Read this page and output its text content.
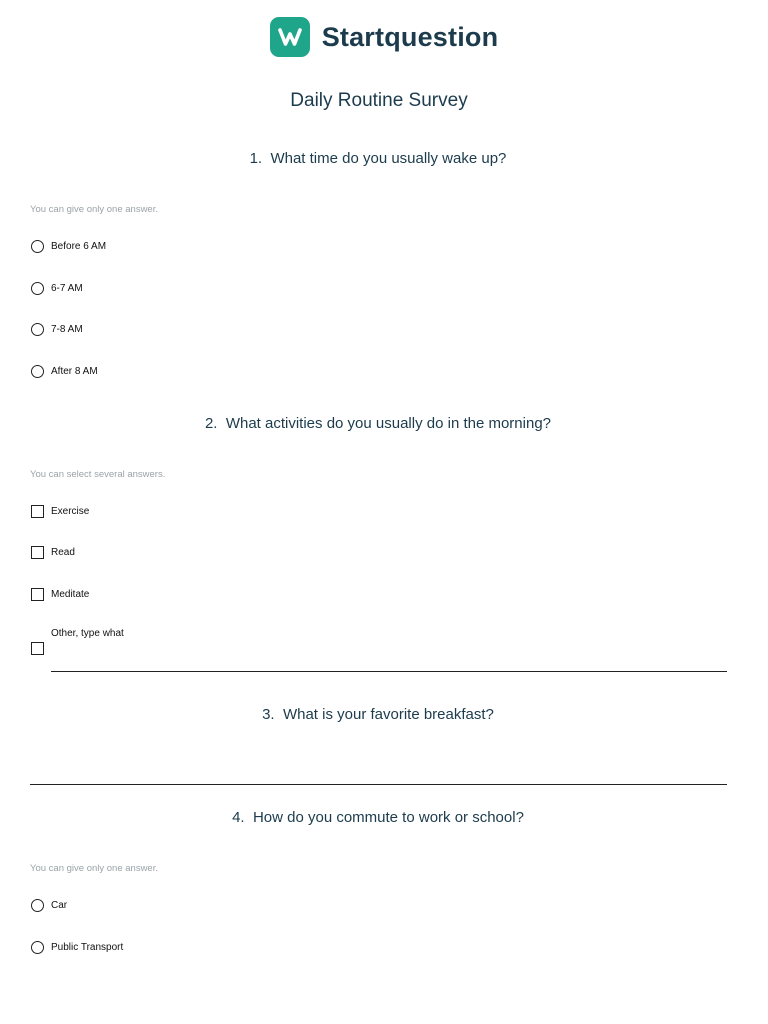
Startquestion
Daily Routine Survey
1. What time do you usually wake up?
You can give only one answer.
Before 6 AM
6-7 AM
7-8 AM
After 8 AM
2. What activities do you usually do in the morning?
You can select several answers.
Exercise
Read
Meditate
Other, type what
3. What is your favorite breakfast?
4. How do you commute to work or school?
You can give only one answer.
Car
Public Transport
